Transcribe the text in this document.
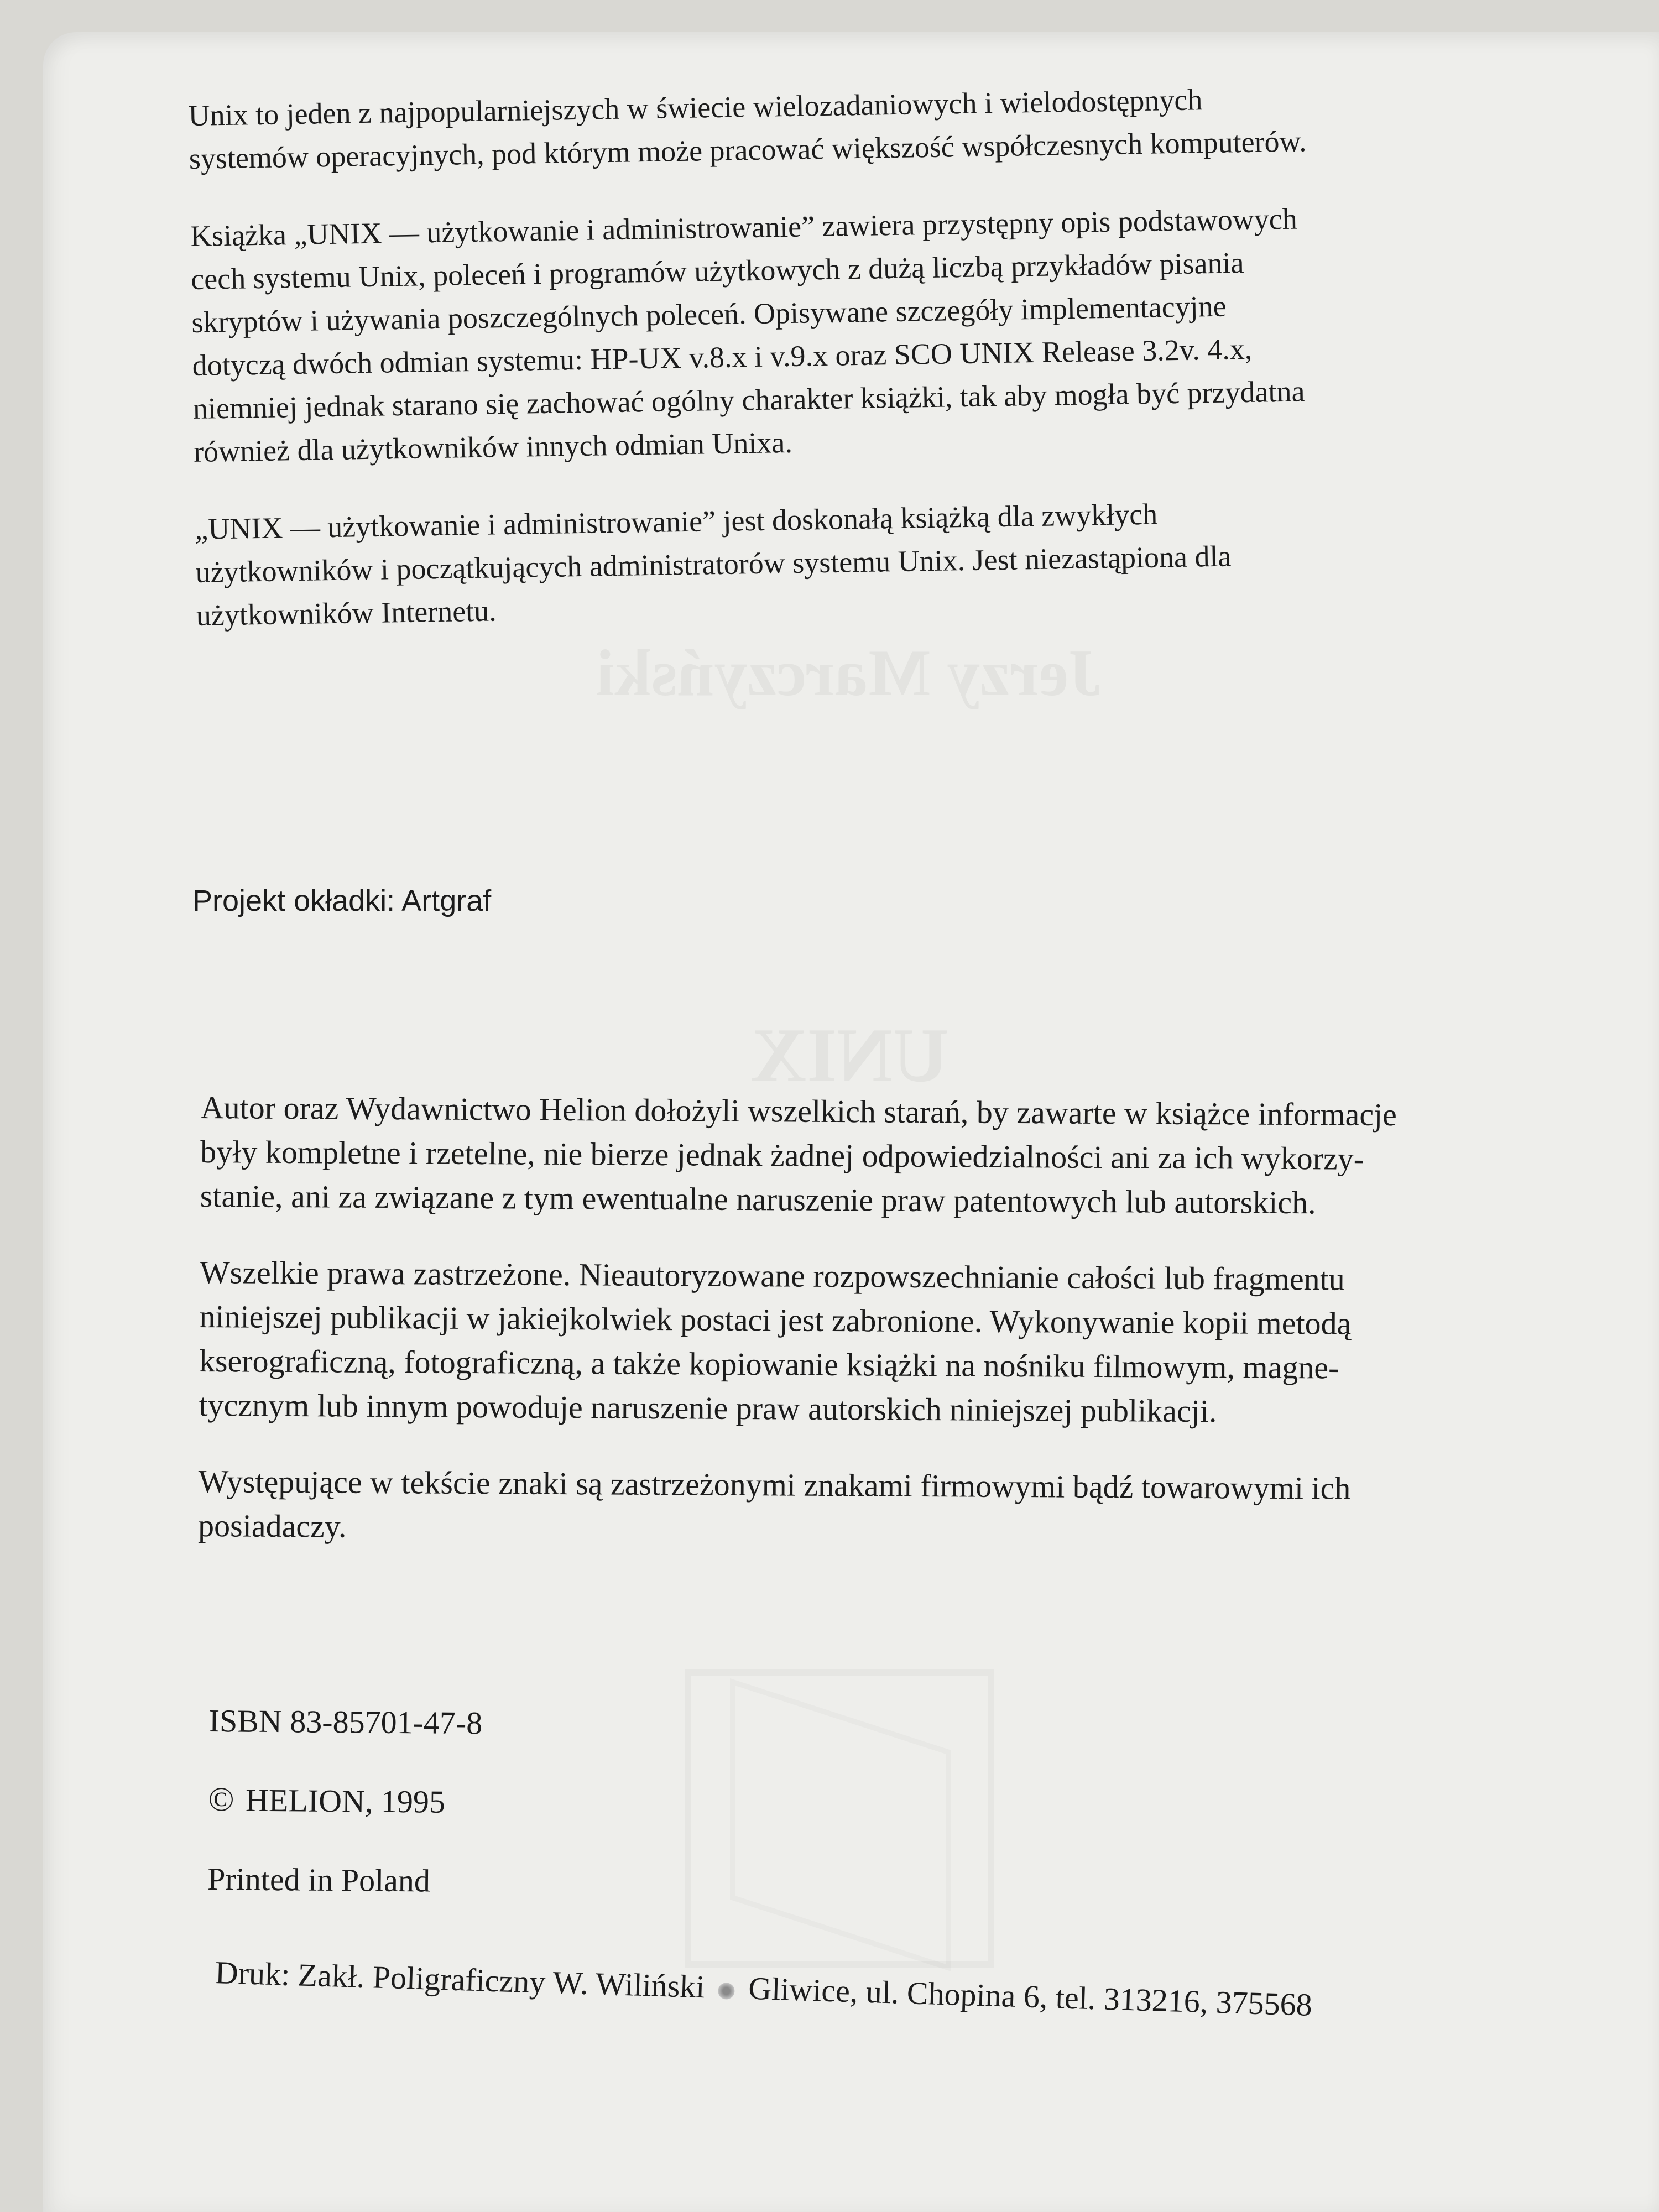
Jerzy Marczyński
UNIX

Unix to jeden z najpopularniejszych w świecie wielozadaniowych i wielodostępnych
systemów operacyjnych, pod którym może pracować większość współczesnych komputerów.

Książka „UNIX — użytkowanie i administrowanie” zawiera przystępny opis podstawowych
cech systemu Unix, poleceń i programów użytkowych z dużą liczbą przykładów pisania
skryptów i używania poszczególnych poleceń. Opisywane szczegóły implementacyjne
dotyczą dwóch odmian systemu: HP-UX v.8.x i v.9.x oraz SCO UNIX Release 3.2v. 4.x,
niemniej jednak starano się zachować ogólny charakter książki, tak aby mogła być przydatna
również dla użytkowników innych odmian Unixa.

„UNIX — użytkowanie i administrowanie” jest doskonałą książką dla zwykłych
użytkowników i początkujących administratorów systemu Unix. Jest niezastąpiona dla
użytkowników Internetu.

Projekt okładki: Artgraf

Autor oraz Wydawnictwo Helion dołożyli wszelkich starań, by zawarte w książce informacje
były kompletne i rzetelne, nie bierze jednak żadnej odpowiedzialności ani za ich wykorzy-
stanie, ani za związane z tym ewentualne naruszenie praw patentowych lub autorskich.

Wszelkie prawa zastrzeżone. Nieautoryzowane rozpowszechnianie całości lub fragmentu
niniejszej publikacji w jakiejkolwiek postaci jest zabronione. Wykonywanie kopii metodą
kserograficzną, fotograficzną, a także kopiowanie książki na nośniku filmowym, magne-
tycznym lub innym powoduje naruszenie praw autorskich niniejszej publikacji.

Występujące w tekście znaki są zastrzeżonymi znakami firmowymi bądź towarowymi ich
posiadaczy.

ISBN 83-85701-47-8
© HELION, 1995
Printed in Poland
Druk: Zakł. Poligraficzny W. Wiliński Gliwice, ul. Chopina 6, tel. 313216, 375568
